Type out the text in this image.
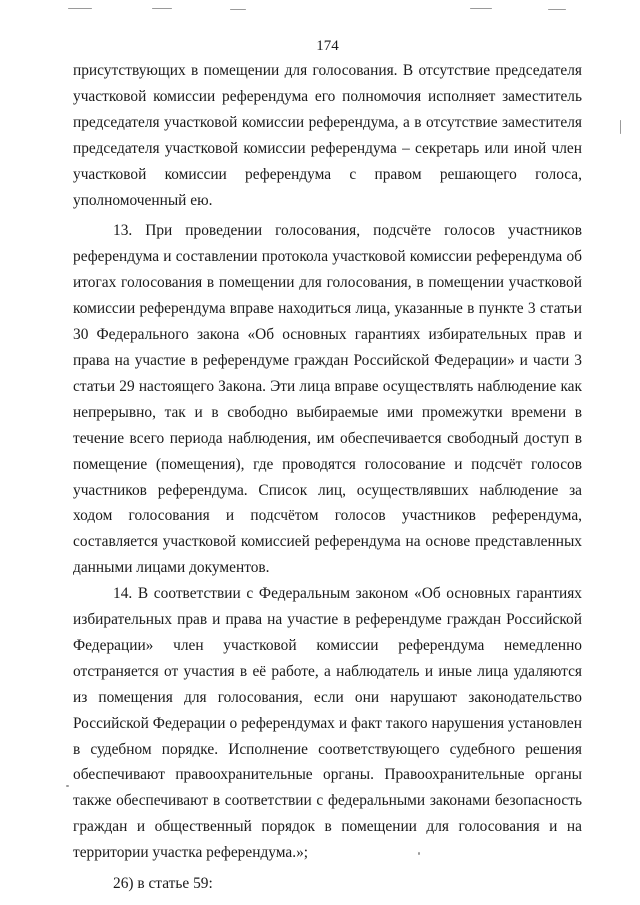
174

присутствующих в помещении для голосования. В отсутствие председателя участковой комиссии референдума его полномочия исполняет заместитель председателя участковой комиссии референдума, а в отсутствие заместителя председателя участковой комиссии референдума – секретарь или иной член участковой комиссии референдума с правом решающего голоса, уполномоченный ею.

13. При проведении голосования, подсчёте голосов участников референдума и составлении протокола участковой комиссии референдума об итогах голосования в помещении для голосования, в помещении участковой комиссии референдума вправе находиться лица, указанные в пункте 3 статьи 30 Федерального закона «Об основных гарантиях избирательных прав и права на участие в референдуме граждан Российской Федерации» и части 3 статьи 29 настоящего Закона. Эти лица вправе осуществлять наблюдение как непрерывно, так и в свободно выбираемые ими промежутки времени в течение всего периода наблюдения, им обеспечивается свободный доступ в помещение (помещения), где проводятся голосование и подсчёт голосов участников референдума. Список лиц, осуществлявших наблюдение за ходом голосования и подсчётом голосов участников референдума, составляется участковой комиссией референдума на основе представленных данными лицами документов.

14. В соответствии с Федеральным законом «Об основных гарантиях избирательных прав и права на участие в референдуме граждан Российской Федерации» член участковой комиссии референдума немедленно отстраняется от участия в её работе, а наблюдатель и иные лица удаляются из помещения для голосования, если они нарушают законодательство Российской Федерации о референдумах и факт такого нарушения установлен в судебном порядке. Исполнение соответствующего судебного решения обеспечивают правоохранительные органы. Правоохранительные органы также обеспечивают в соответствии с федеральными законами безопасность граждан и общественный порядок в помещении для голосования и на территории участка референдума.»;

26) в статье 59:
